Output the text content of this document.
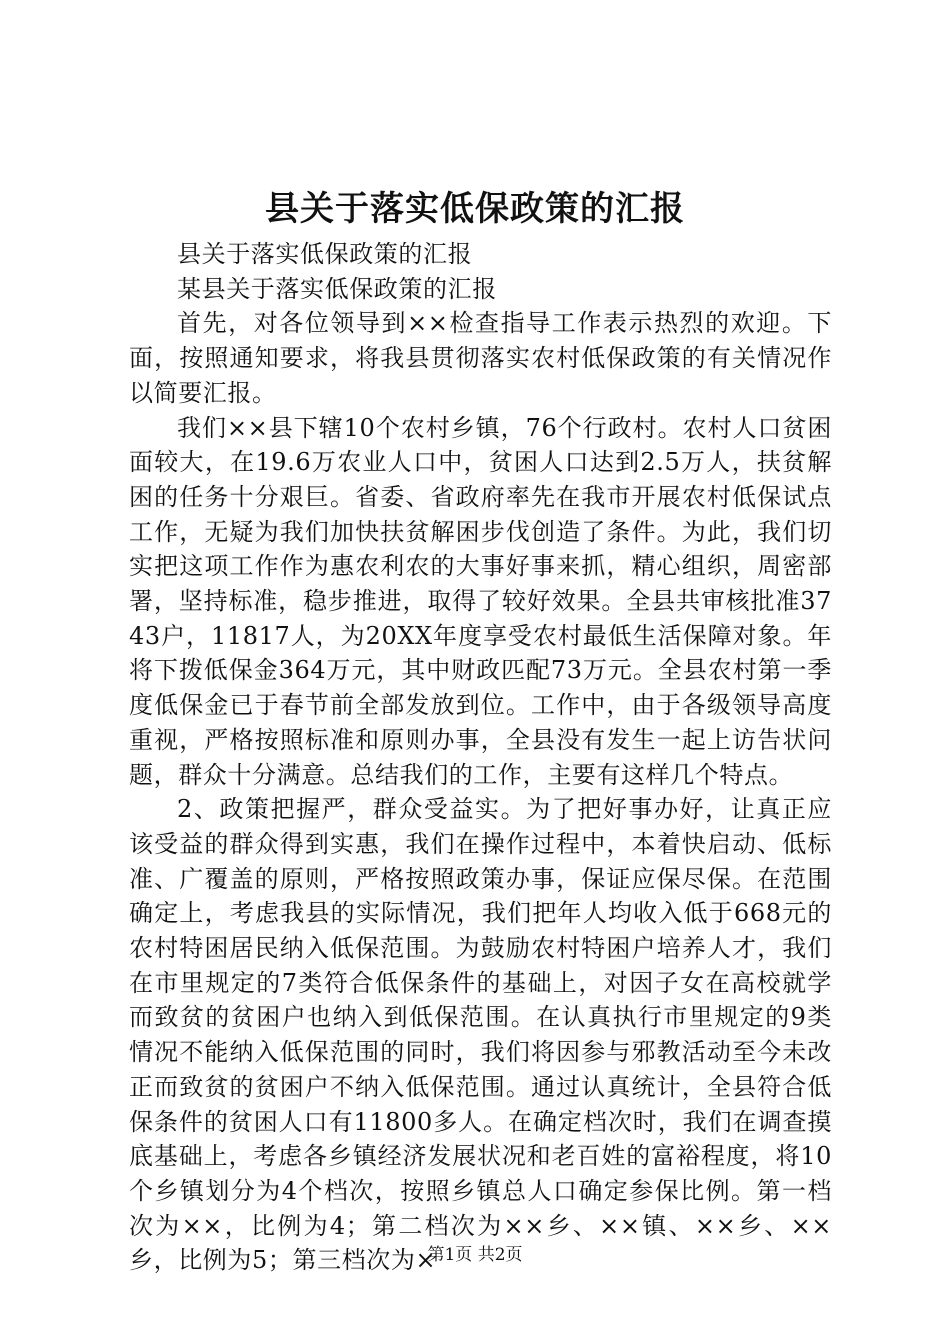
县关于落实低保政策的汇报

县关于落实低保政策的汇报

某县关于落实低保政策的汇报

首先，对各位领导到××检查指导工作表示热烈的欢迎。下面，按照通知要求，将我县贯彻落实农村低保政策的有关情况作以简要汇报。

我们××县下辖10个农村乡镇，76个行政村。农村人口贫困面较大，在19.6万农业人口中，贫困人口达到2.5万人，扶贫解困的任务十分艰巨。省委、省政府率先在我市开展农村低保试点工作，无疑为我们加快扶贫解困步伐创造了条件。为此，我们切实把这项工作作为惠农利农的大事好事来抓，精心组织，周密部署，坚持标准，稳步推进，取得了较好效果。全县共审核批准3743户，11817人，为20XX年度享受农村最低生活保障对象。年将下拨低保金364万元，其中财政匹配73万元。全县农村第一季度低保金已于春节前全部发放到位。工作中，由于各级领导高度重视，严格按照标准和原则办事，全县没有发生一起上访告状问题，群众十分满意。总结我们的工作，主要有这样几个特点。

2、政策把握严，群众受益实。为了把好事办好，让真正应该受益的群众得到实惠，我们在操作过程中，本着快启动、低标准、广覆盖的原则，严格按照政策办事，保证应保尽保。在范围确定上，考虑我县的实际情况，我们把年人均收入低于668元的农村特困居民纳入低保范围。为鼓励农村特困户培养人才，我们在市里规定的7类符合低保条件的基础上，对因子女在高校就学而致贫的贫困户也纳入到低保范围。在认真执行市里规定的9类情况不能纳入低保范围的同时，我们将因参与邪教活动至今未改正而致贫的贫困户不纳入低保范围。通过认真统计，全县符合低保条件的贫困人口有11800多人。在确定档次时，我们在调查摸底基础上，考虑各乡镇经济发展状况和老百姓的富裕程度，将10个乡镇划分为4个档次，按照乡镇总人口确定参保比例。第一档次为××，比例为4；第二档次为××乡、××镇、××乡、××乡，比例为5；第三档次为×

第1页 共2页
